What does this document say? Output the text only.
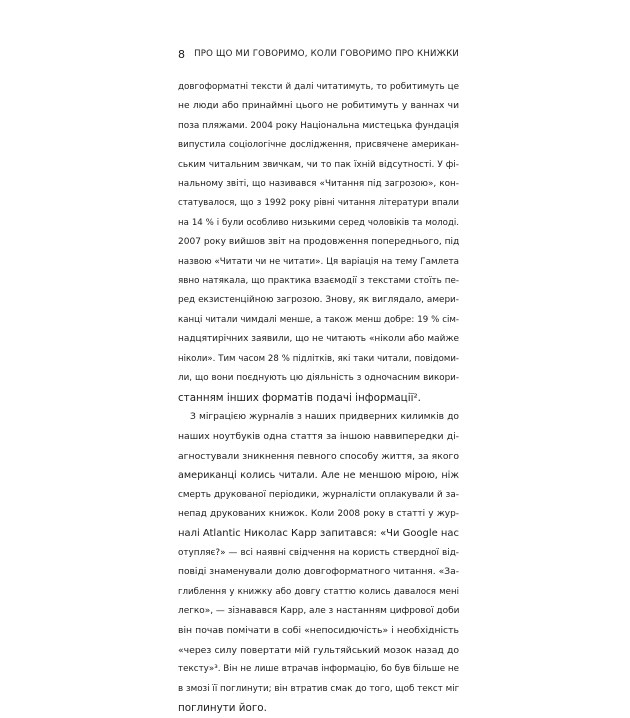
8 ПРО ЩО МИ ГОВОРИМО, КОЛИ ГОВОРИМО ПРО КНИЖКИ
довгоформатні тексти й далі читатимуть, то робитимуть це
не люди або принаймні цього не робитимуть у ваннах чи
поза пляжами. 2004 року Національна мистецька фундація
випустила соціологічне дослідження, присвячене американ-
ським читальним звичкам, чи то пак їхній відсутності. У фі-
нальному звіті, що називався «Читання під загрозою», кон-
статувалося, що з 1992 року рівні читання літератури впали
на 14 % і були особливо низькими серед чоловіків та молоді.
2007 року вийшов звіт на продовження попереднього, під
назвою «Читати чи не читати». Ця варіація на тему Гамлета
явно натякала, що практика взаємодії з текстами стоїть пе-
ред екзистенційною загрозою. Знову, як виглядало, амери-
канці читали чимдалі менше, а також менш добре: 19 % сім-
надцятирічних заявили, що не читають «ніколи або майже
ніколи». Тим часом 28 % підлітків, які таки читали, повідоми-
ли, що вони поєднують цю діяльність з одночасним викори-
станням інших форматів подачі інформації².
З міграцією журналів з наших придверних килимків до
наших ноутбуків одна стаття за іншою наввипередки ді-
агностували зникнення певного способу життя, за якого
американці колись читали. Але не меншою мірою, ніж
смерть друкованої періодики, журналісти оплакували й за-
непад друкованих книжок. Коли 2008 року в статті у жур-
налі Atlantic Николас Карр запитався: «Чи Google нас
отупляє?» — всі наявні свідчення на користь ствердної від-
повіді знаменували долю довгоформатного читання. «За-
глиблення у книжку або довгу статтю колись давалося мені
легко», — зізнавався Карр, але з настанням цифрової доби
він почав помічати в собі «непосидючість» і необхідність
«через силу повертати мій гультяйський мозок назад до
тексту»³. Він не лише втрачав інформацію, бо був більше не
в змозі її поглинути; він втратив смак до того, щоб текст міг
поглинути його.
